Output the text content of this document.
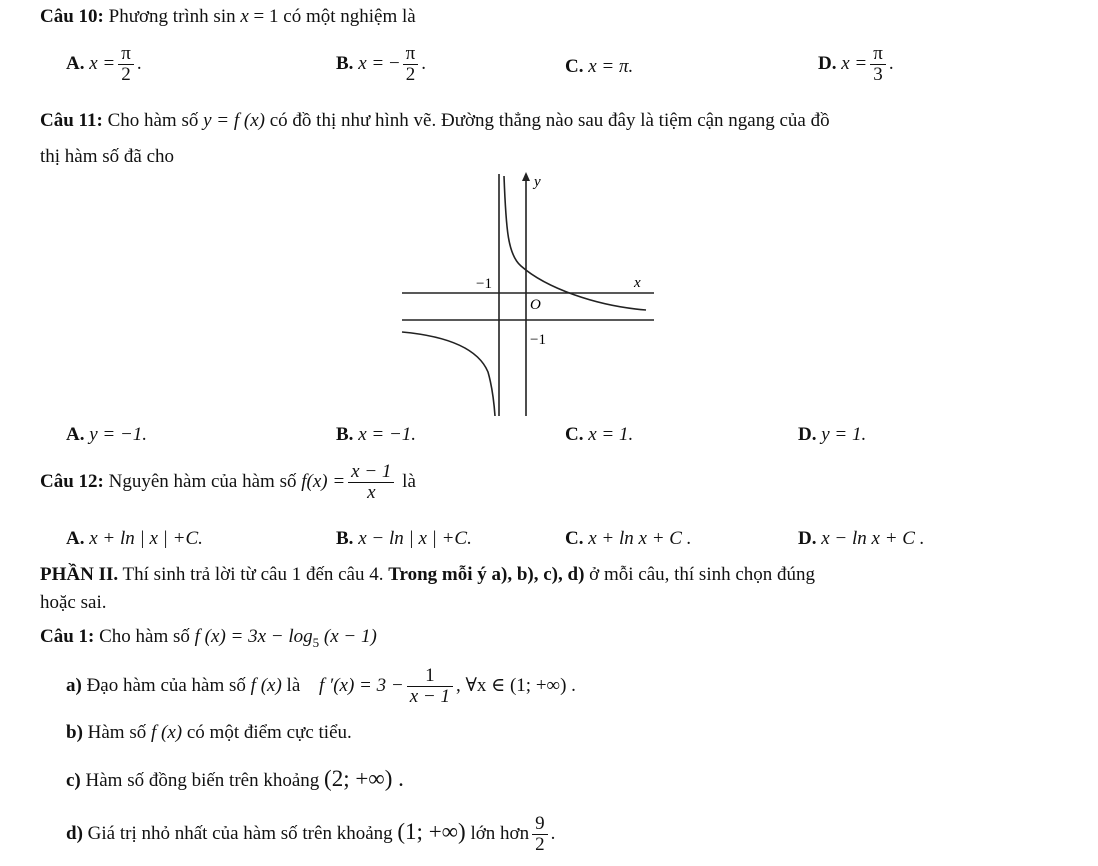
Câu 10: Phương trình sin x = 1 có một nghiệm là
A. $x = \frac{\pi}{2}$ .	B. x = − $\frac{\pi}{2}$ .	C. x = π.	D. $x = \frac{\pi}{3}$ .
Câu 11: Cho hàm số y = f (x) có đồ thị như hình vẽ. Đường thẳng nào sau đây là tiệm cận ngang của đồ
thị hàm số đã cho
y
x
O
−1
−1
A. y = −1.	B. x = −1.	C. x = 1.	D. y = 1.
Câu 12: Nguyên hàm của hàm số $f(x) = \frac{x - 1}{x}$ là
A. x + ln | x | +C.	B. x − ln | x | +C.	C. x + ln x + C .	D. x − ln x + C .
PHẦN II. Thí sinh trả lời từ câu 1 đến câu 4. Trong mỗi ý a), b), c), d) ở mỗi câu, thí sinh chọn đúng
hoặc sai.
Câu 1: Cho hàm số f $(x) = 3x - \log_5 (x - 1)$
a) Đạo hàm của hàm số f (x) là f $'(x) = 3 - \frac{1}{x - 1}$ , ∀x ∈ (1; +∞) .
b) Hàm số f (x) có một điểm cực tiểu.
c) Hàm số đồng biến trên khoảng (2; +∞) .
d) Giá trị nhỏ nhất của hàm số trên khoảng (1; +∞) lớn hơn $\frac{9}{2}$ .
